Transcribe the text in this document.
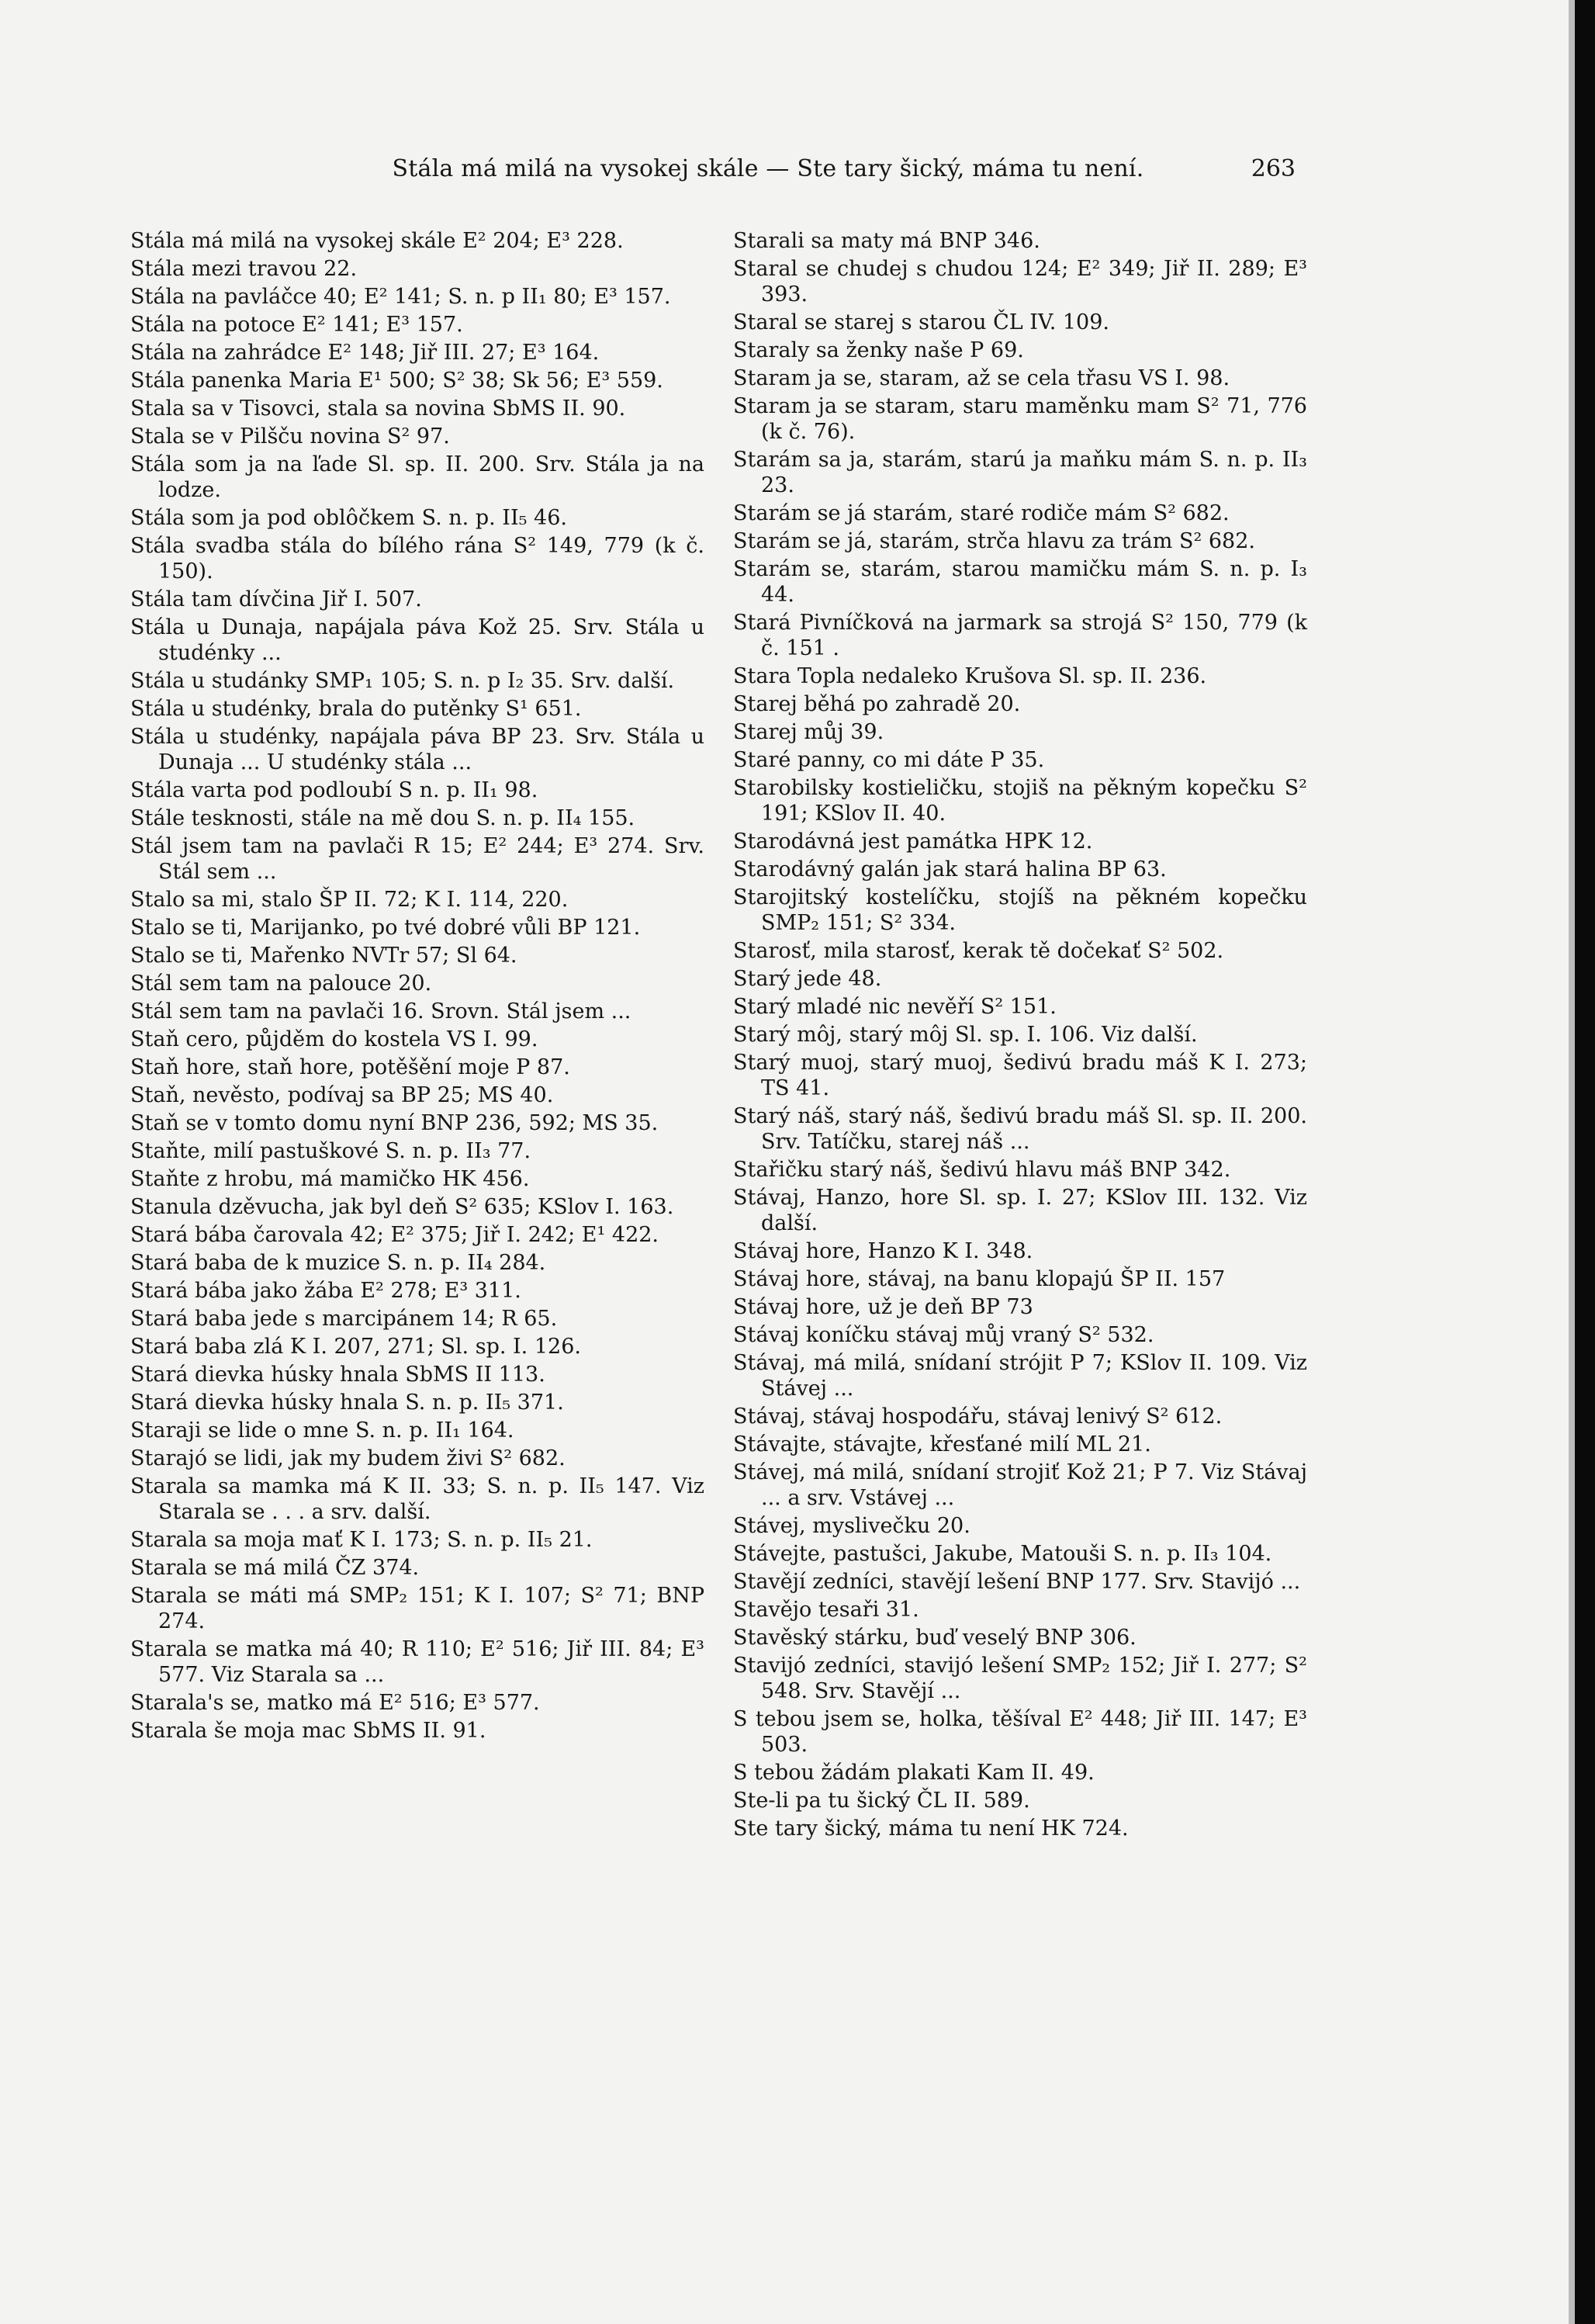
Stála má milá na vysokej skále — Ste tary šický, máma tu není.	263

Stála má milá na vysokej skále E² 204; E³ 228.

Stála mezi travou 22.

Stála na pavláčce 40; E² 141; S. n. p II₁ 80; E³ 157.

Stála na potoce E² 141; E³ 157.

Stála na zahrádce E² 148; Jiř III. 27; E³ 164.

Stála panenka Maria E¹ 500; S² 38; Sk 56; E³ 559.

Stala sa v Tisovci, stala sa novina SbMS II. 90.

Stala se v Pilšču novina S² 97.

Stála som ja na ľade Sl. sp. II. 200. Srv. Stála ja na lodze.

Stála som ja pod oblôčkem S. n. p. II₅ 46.

Stála svadba stála do bílého rána S² 149, 779 (k č. 150).

Stála tam dívčina Jiř I. 507.

Stála u Dunaja, napájala páva Kož 25. Srv. Stála u studénky ...

Stála u studánky SMP₁ 105; S. n. p I₂ 35. Srv. další.

Stála u studénky, brala do putěnky S¹ 651.

Stála u studénky, napájala páva BP 23. Srv. Stála u Dunaja ... U studénky stála ...

Stála varta pod podloubí S n. p. II₁ 98.

Stále tesknosti, stále na mě dou S. n. p. II₄ 155.

Stál jsem tam na pavlači R 15; E² 244; E³ 274. Srv. Stál sem ...

Stalo sa mi, stalo ŠP II. 72; K I. 114, 220.

Stalo se ti, Marijanko, po tvé dobré vůli BP 121.

Stalo se ti, Mařenko NVTr 57; Sl 64.

Stál sem tam na palouce 20.

Stál sem tam na pavlači 16. Srovn. Stál jsem ...

Staň cero, půjděm do kostela VS I. 99.

Staň hore, staň hore, potěšění moje P 87.

Staň, nevěsto, podívaj sa BP 25; MS 40.

Staň se v tomto domu nyní BNP 236, 592; MS 35.

Staňte, milí pastuškové S. n. p. II₃ 77.

Staňte z hrobu, má mamičko HK 456.

Stanula dzěvucha, jak byl deň S² 635; KSlov I. 163.

Stará bába čarovala 42; E² 375; Jiř I. 242; E¹ 422.

Stará baba de k muzice S. n. p. II₄ 284.

Stará bába jako žába E² 278; E³ 311.

Stará baba jede s marcipánem 14; R 65.

Stará baba zlá K I. 207, 271; Sl. sp. I. 126.

Stará dievka húsky hnala SbMS II 113.

Stará dievka húsky hnala S. n. p. II₅ 371.

Staraji se lide o mne S. n. p. II₁ 164.

Starajó se lidi, jak my budem živi S² 682.

Starala sa mamka má K II. 33; S. n. p. II₅ 147. Viz Starala se . . . a srv. další.

Starala sa moja mať K I. 173; S. n. p. II₅ 21.

Starala se má milá ČZ 374.

Starala se máti má SMP₂ 151; K I. 107; S² 71; BNP 274.

Starala se matka má 40; R 110; E² 516; Jiř III. 84; E³ 577. Viz Starala sa ...

Starala's se, matko má E² 516; E³ 577.

Starala še moja mac SbMS II. 91.

Starali sa maty má BNP 346.

Staral se chudej s chudou 124; E² 349; Jiř II. 289; E³ 393.

Staral se starej s starou ČL IV. 109.

Staraly sa ženky naše P 69.

Staram ja se, staram, až se cela třasu VS I. 98.

Staram ja se staram, staru maměnku mam S² 71, 776 (k č. 76).

Starám sa ja, starám, starú ja maňku mám S. n. p. II₃ 23.

Starám se já starám, staré rodiče mám S² 682.

Starám se já, starám, strča hlavu za trám S² 682.

Starám se, starám, starou mamičku mám S. n. p. I₃ 44.

Stará Pivníčková na jarmark sa strojá S² 150, 779 (k č. 151 .

Stara Topla nedaleko Krušova Sl. sp. II. 236.

Starej běhá po zahradě 20.

Starej můj 39.

Staré panny, co mi dáte P 35.

Starobilsky kostieličku, stojiš na pěkným kopečku S² 191; KSlov II. 40.

Starodávná jest památka HPK 12.

Starodávný galán jak stará halina BP 63.

Starojitský kostelíčku, stojíš na pěkném kopečku SMP₂ 151; S² 334.

Starosť, mila starosť, kerak tě dočekať S² 502.

Starý jede 48.

Starý mladé nic nevěří S² 151.

Starý môj, starý môj Sl. sp. I. 106. Viz další.

Starý muoj, starý muoj, šedivú bradu máš K I. 273; TS 41.

Starý náš, starý náš, šedivú bradu máš Sl. sp. II. 200. Srv. Tatíčku, starej náš ...

Stařičku starý náš, šedivú hlavu máš BNP 342.

Stávaj, Hanzo, hore Sl. sp. I. 27; KSlov III. 132. Viz další.

Stávaj hore, Hanzo K I. 348.

Stávaj hore, stávaj, na banu klopajú ŠP II. 157

Stávaj hore, už je deň BP 73

Stávaj koníčku stávaj můj vraný S² 532.

Stávaj, má milá, snídaní strójit P 7; KSlov II. 109. Viz Stávej ...

Stávaj, stávaj hospodářu, stávaj lenivý S² 612.

Stávajte, stávajte, křesťané milí ML 21.

Stávej, má milá, snídaní strojiť Kož 21; P 7. Viz Stávaj ... a srv. Vstávej ...

Stávej, myslivečku 20.

Stávejte, pastušci, Jakube, Matouši S. n. p. II₃ 104.

Stavějí zedníci, stavějí lešení BNP 177. Srv. Stavijó ...

Stavějo tesaři 31.

Stavěský stárku, buď veselý BNP 306.

Stavijó zedníci, stavijó lešení SMP₂ 152; Jiř I. 277; S² 548. Srv. Stavějí ...

S tebou jsem se, holka, těšíval E² 448; Jiř III. 147; E³ 503.

S tebou žádám plakati Kam II. 49.

Ste-li pa tu šický ČL II. 589.

Ste tary šický, máma tu není HK 724.
